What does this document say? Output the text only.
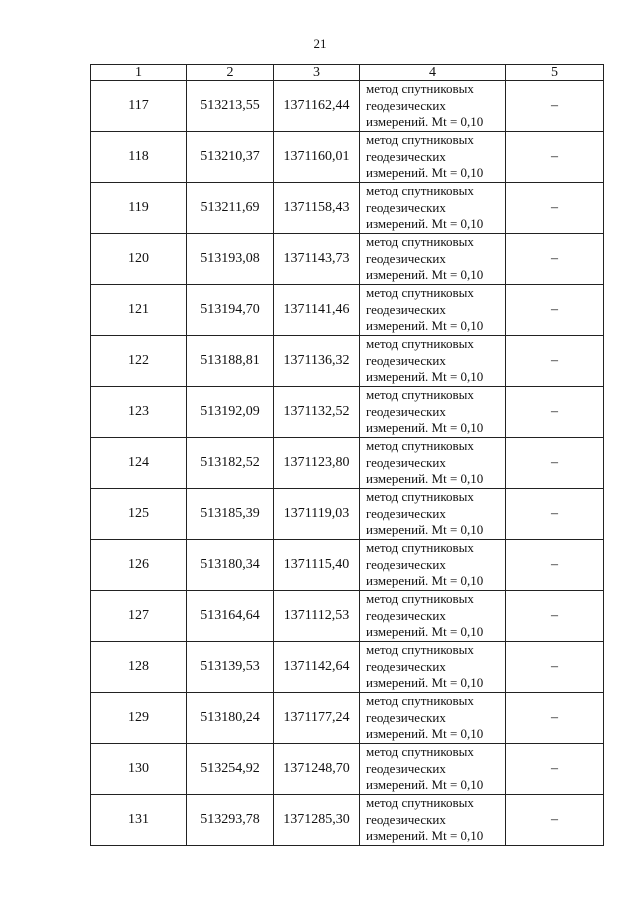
21
1	2	3	4	5
117	513213,55	1371162,44	метод спутниковых
геодезических
измерений. Mt = 0,10	–
118	513210,37	1371160,01	метод спутниковых
геодезических
измерений. Mt = 0,10	–
119	513211,69	1371158,43	метод спутниковых
геодезических
измерений. Mt = 0,10	–
120	513193,08	1371143,73	метод спутниковых
геодезических
измерений. Mt = 0,10	–
121	513194,70	1371141,46	метод спутниковых
геодезических
измерений. Mt = 0,10	–
122	513188,81	1371136,32	метод спутниковых
геодезических
измерений. Mt = 0,10	–
123	513192,09	1371132,52	метод спутниковых
геодезических
измерений. Mt = 0,10	–
124	513182,52	1371123,80	метод спутниковых
геодезических
измерений. Mt = 0,10	–
125	513185,39	1371119,03	метод спутниковых
геодезических
измерений. Mt = 0,10	–
126	513180,34	1371115,40	метод спутниковых
геодезических
измерений. Mt = 0,10	–
127	513164,64	1371112,53	метод спутниковых
геодезических
измерений. Mt = 0,10	–
128	513139,53	1371142,64	метод спутниковых
геодезических
измерений. Mt = 0,10	–
129	513180,24	1371177,24	метод спутниковых
геодезических
измерений. Mt = 0,10	–
130	513254,92	1371248,70	метод спутниковых
геодезических
измерений. Mt = 0,10	–
131	513293,78	1371285,30	метод спутниковых
геодезических
измерений. Mt = 0,10	–
